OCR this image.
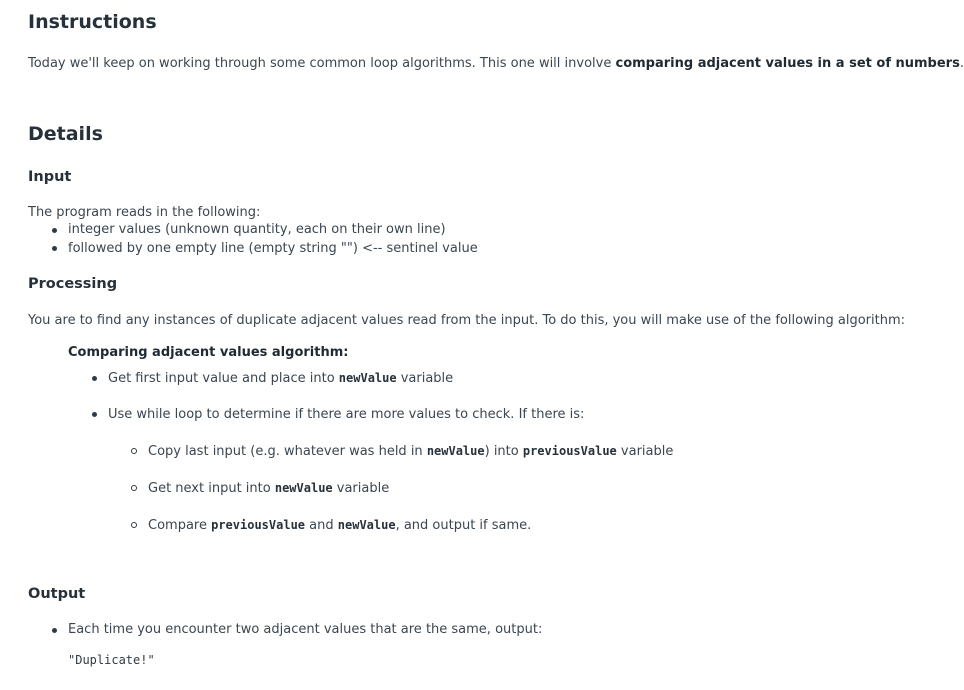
Instructions
Today we'll keep on working through some common loop algorithms. This one will involve comparing adjacent values in a set of numbers.
Details
Input
The program reads in the following:
integer values (unknown quantity, each on their own line)
followed by one empty line (empty string "") <-- sentinel value
Processing
You are to find any instances of duplicate adjacent values read from the input. To do this, you will make use of the following algorithm:
Comparing adjacent values algorithm:
Get first input value and place into newValue variable
Use while loop to determine if there are more values to check. If there is:
Copy last input (e.g. whatever was held in newValue) into previousValue variable
Get next input into newValue variable
Compare previousValue and newValue, and output if same.
Output
Each time you encounter two adjacent values that are the same, output:
"Duplicate!"
